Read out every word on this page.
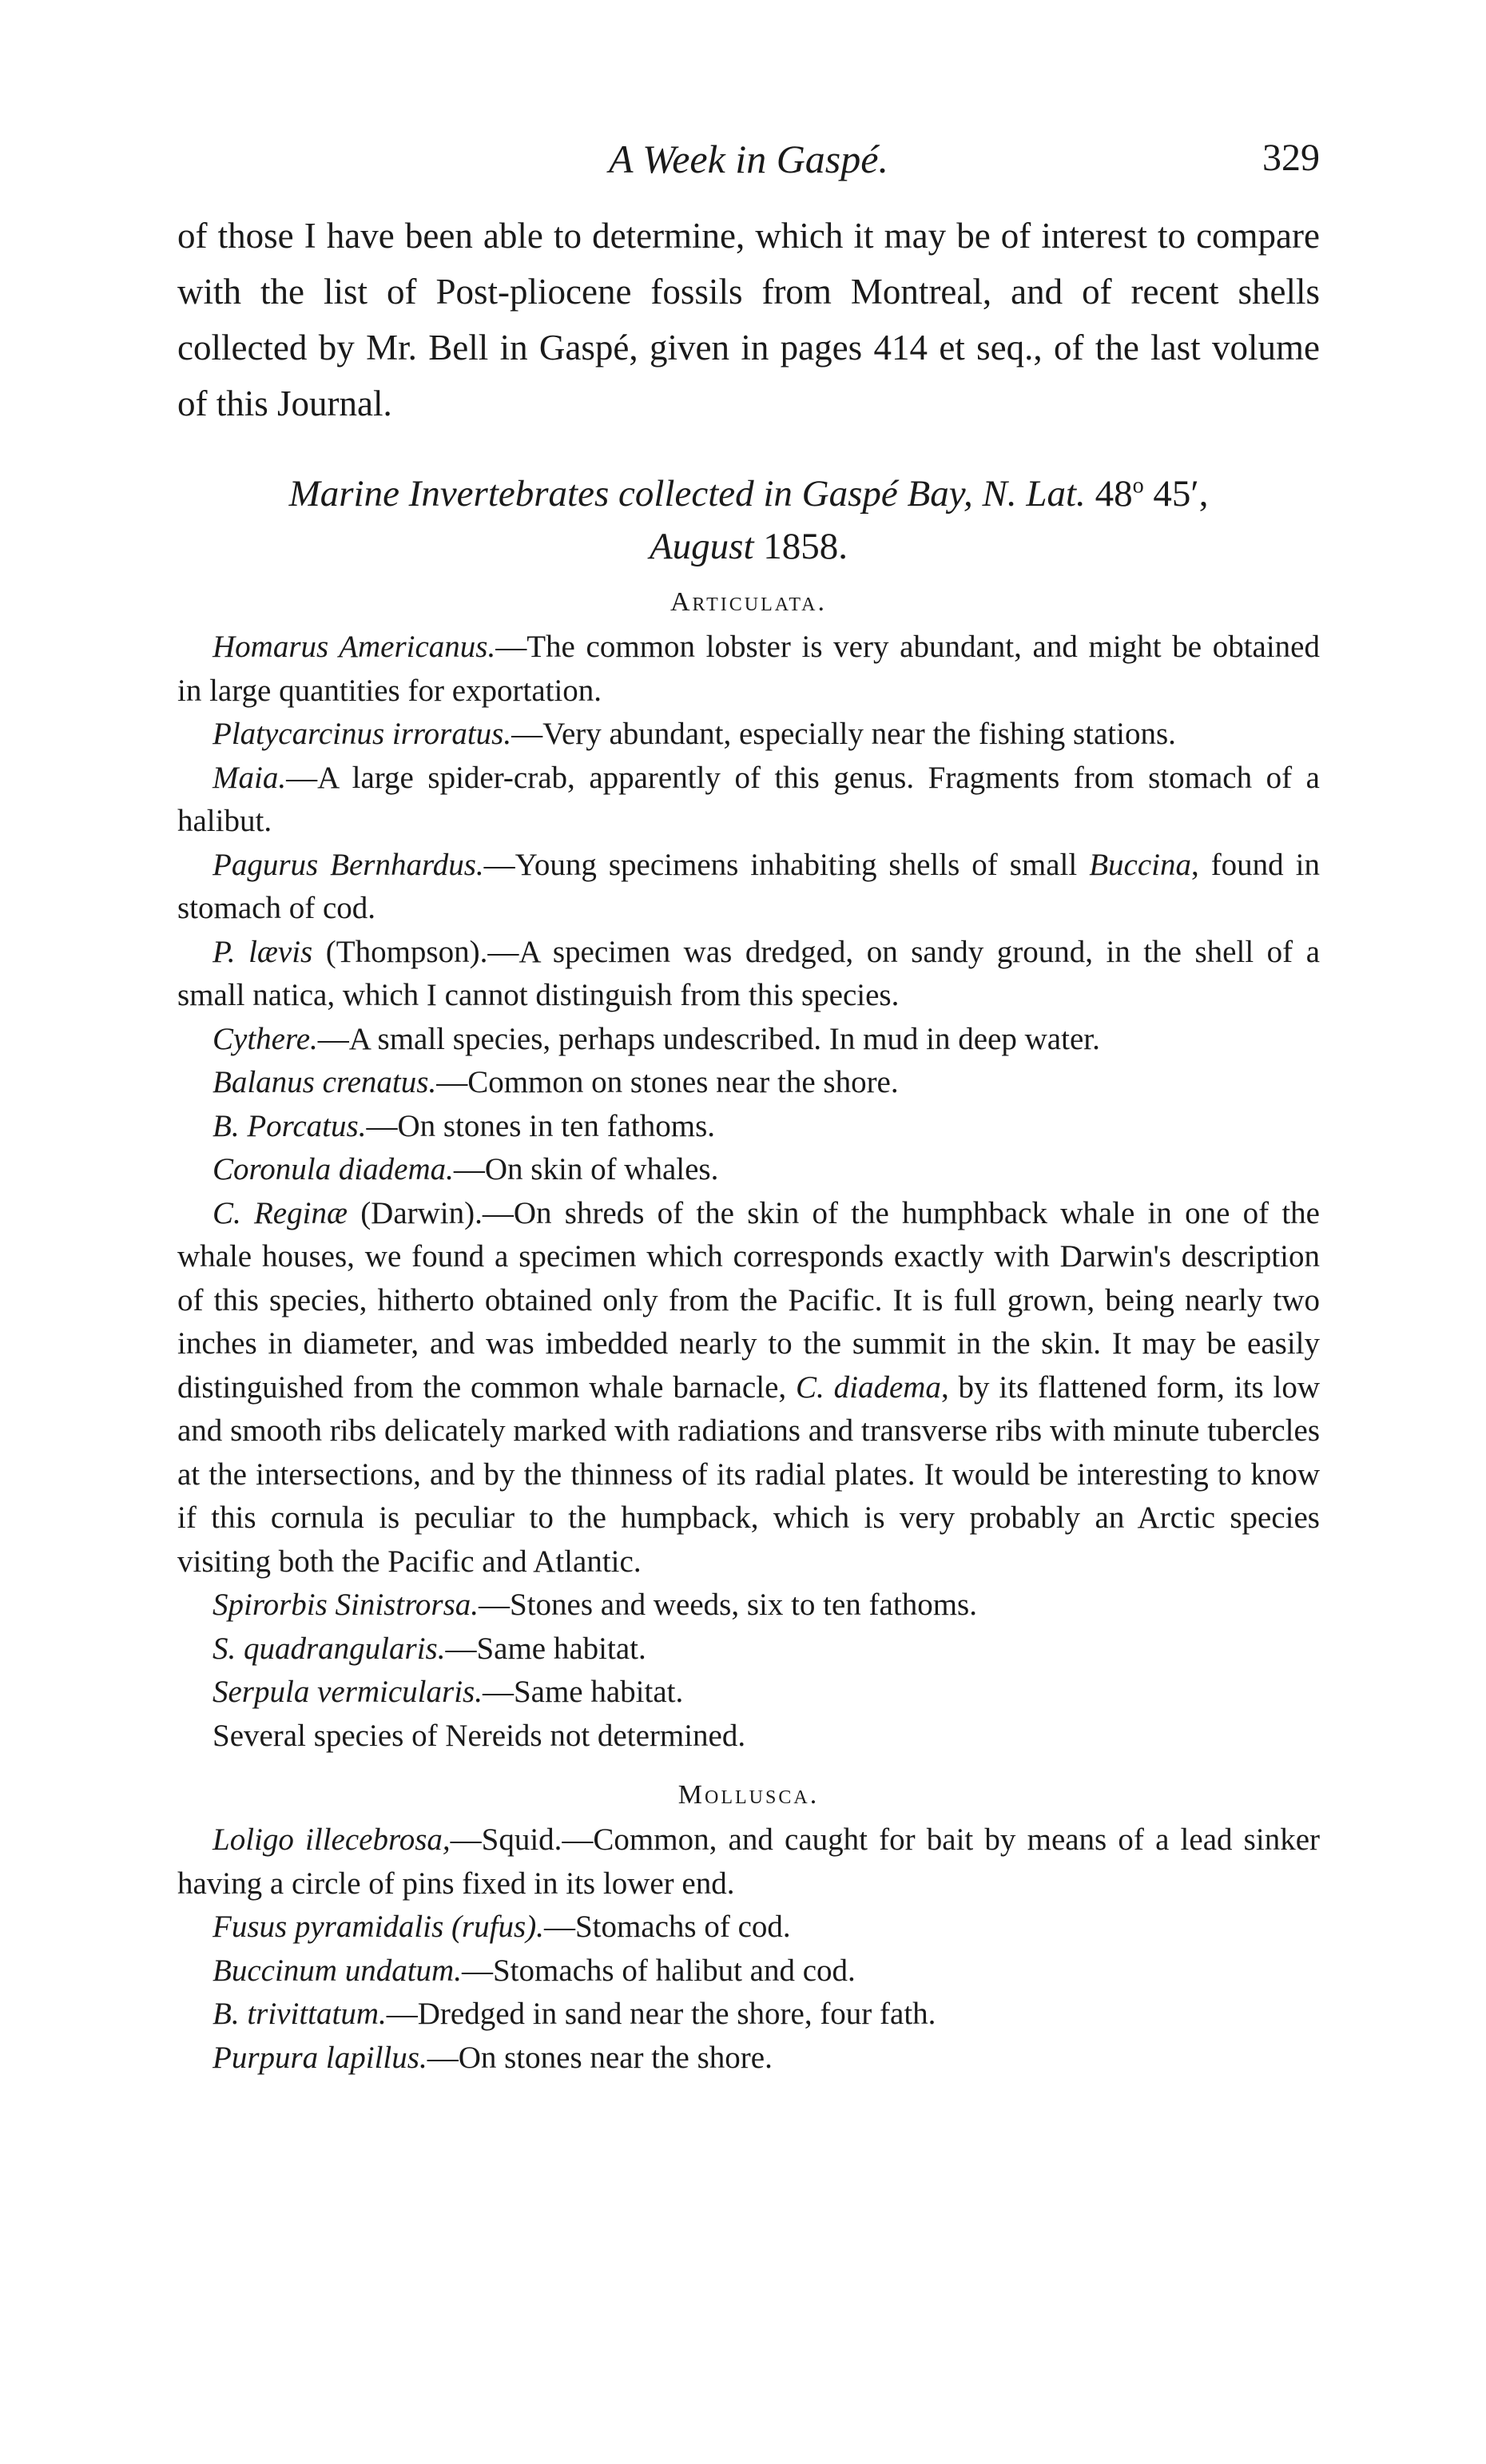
A Week in Gaspé.	329

of those I have been able to determine, which it may be of interest to compare with the list of Post-pliocene fossils from Montreal, and of recent shells collected by Mr. Bell in Gaspé, given in pages 414 et seq., of the last volume of this Journal.

Marine Invertebrates collected in Gaspé Bay, N. Lat. 48$^o$ 45′,
August 1858.
Articulata.

Homarus Americanus.—The common lobster is very abundant, and might be obtained in large quantities for exportation.

Platycarcinus irroratus.—Very abundant, especially near the fishing stations.

Maia.—A large spider-crab, apparently of this genus. Fragments from stomach of a halibut.

Pagurus Bernhardus.—Young specimens inhabiting shells of small Buccina, found in stomach of cod.

P. lævis (Thompson).—A specimen was dredged, on sandy ground, in the shell of a small natica, which I cannot distinguish from this species.

Cythere.—A small species, perhaps undescribed. In mud in deep water.

Balanus crenatus.—Common on stones near the shore.

B. Porcatus.—On stones in ten fathoms.

Coronula diadema.—On skin of whales.

C. Reginæ (Darwin).—On shreds of the skin of the humphback whale in one of the whale houses, we found a specimen which corresponds exactly with Darwin's description of this species, hitherto obtained only from the Pacific. It is full grown, being nearly two inches in diameter, and was imbedded nearly to the summit in the skin. It may be easily distinguished from the common whale barnacle, C. diadema, by its flattened form, its low and smooth ribs delicately marked with radiations and transverse ribs with minute tubercles at the intersections, and by the thinness of its radial plates. It would be interesting to know if this cornula is peculiar to the humpback, which is very probably an Arctic species visiting both the Pacific and Atlantic.

Spirorbis Sinistrorsa.—Stones and weeds, six to ten fathoms.

S. quadrangularis.—Same habitat.

Serpula vermicularis.—Same habitat.

Several species of Nereids not determined.

Mollusca.

Loligo illecebrosa,—Squid.—Common, and caught for bait by means of a lead sinker having a circle of pins fixed in its lower end.

Fusus pyramidalis (rufus).—Stomachs of cod.

Buccinum undatum.—Stomachs of halibut and cod.

B. trivittatum.—Dredged in sand near the shore, four fath.

Purpura lapillus.—On stones near the shore.
